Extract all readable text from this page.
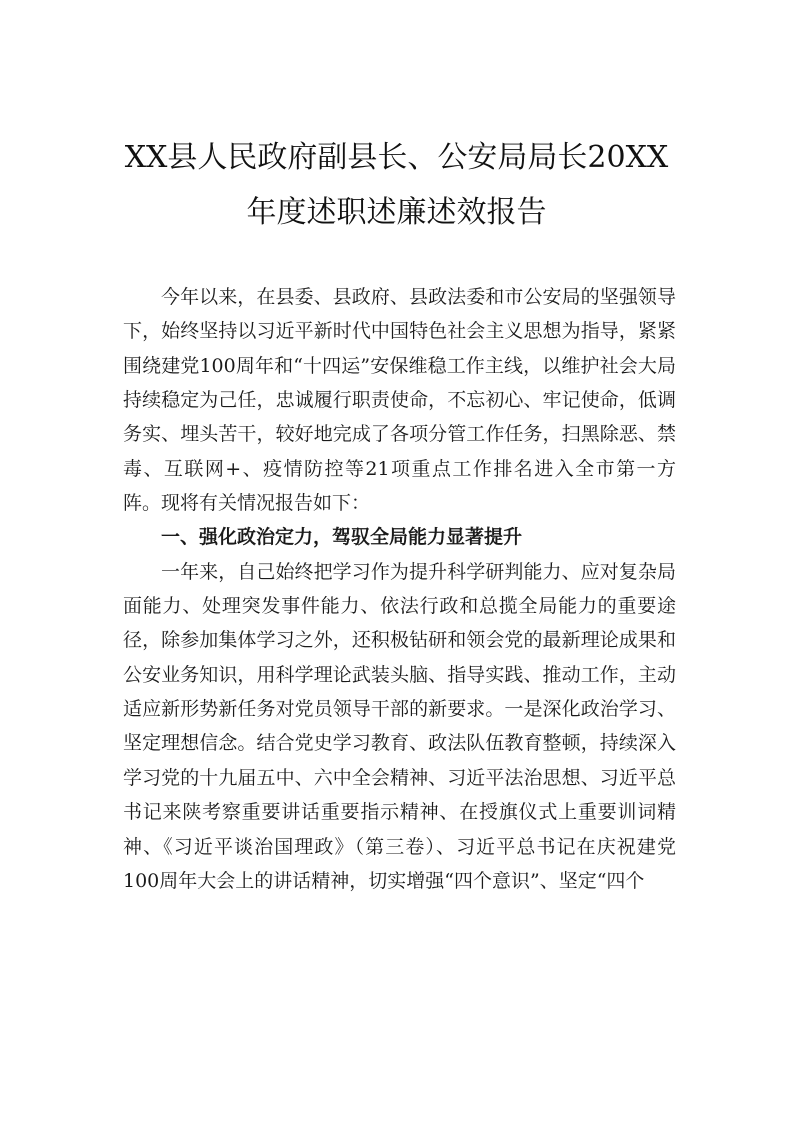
XX县人民政府副县长、公安局局长20XX
年度述职述廉述效报告

今年以来，在县委、县政府、县政法委和市公安局的坚强领导下，始终坚持以习近平新时代中国特色社会主义思想为指导，紧紧围绕建党100周年和“十四运”安保维稳工作主线，以维护社会大局持续稳定为己任，忠诚履行职责使命，不忘初心、牢记使命，低调务实、埋头苦干，较好地完成了各项分管工作任务，扫黑除恶、禁毒、互联网+、疫情防控等21项重点工作排名进入全市第一方阵。现将有关情况报告如下：

一、强化政治定力，驾驭全局能力显著提升

一年来，自己始终把学习作为提升科学研判能力、应对复杂局面能力、处理突发事件能力、依法行政和总揽全局能力的重要途径，除参加集体学习之外，还积极钻研和领会党的最新理论成果和公安业务知识，用科学理论武装头脑、指导实践、推动工作，主动适应新形势新任务对党员领导干部的新要求。一是深化政治学习、坚定理想信念。结合党史学习教育、政法队伍教育整顿，持续深入学习党的十九届五中、六中全会精神、习近平法治思想、习近平总书记来陕考察重要讲话重要指示精神、在授旗仪式上重要训词精神、《习近平谈治国理政》（第三卷）、习近平总书记在庆祝建党100周年大会上的讲话精神，切实增强“四个意识”、坚定“四个
